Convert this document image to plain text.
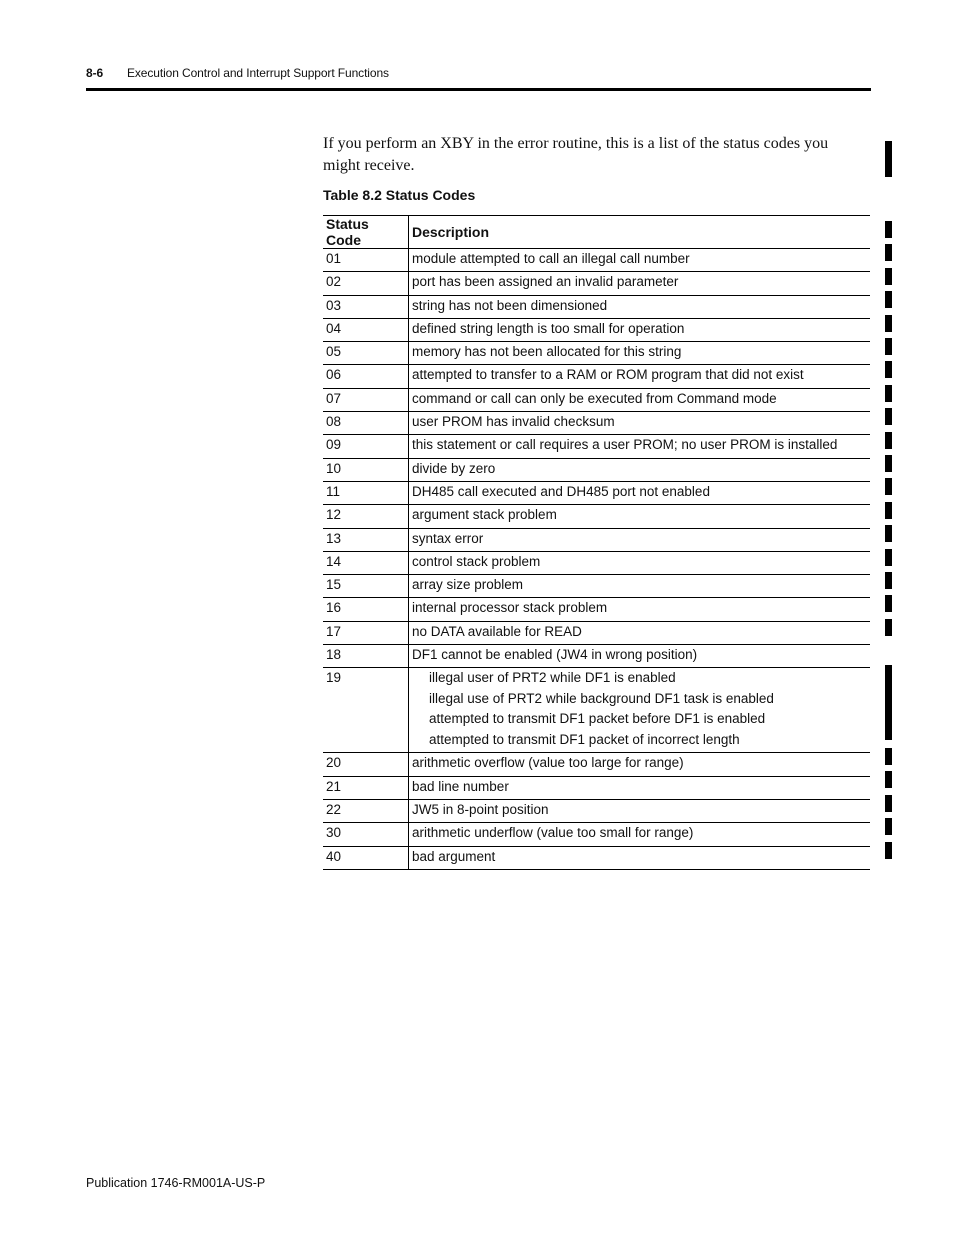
8-6 Execution Control and Interrupt Support Functions

If you perform an XBY in the error routine, this is a list of the status codes you might receive.

Table 8.2 Status Codes
Status Code	Description
01	module attempted to call an illegal call number
02	port has been assigned an invalid parameter
03	string has not been dimensioned
04	defined string length is too small for operation
05	memory has not been allocated for this string
06	attempted to transfer to a RAM or ROM program that did not exist
07	command or call can only be executed from Command mode
08	user PROM has invalid checksum
09	this statement or call requires a user PROM; no user PROM is installed
10	divide by zero
11	DH485 call executed and DH485 port not enabled
12	argument stack problem
13	syntax error
14	control stack problem
15	array size problem
16	internal processor stack problem
17	no DATA available for READ
18	DF1 cannot be enabled (JW4 in wrong position)
19	illegal user of PRT2 while DF1 is enabled
illegal use of PRT2 while background DF1 task is enabled
attempted to transmit DF1 packet before DF1 is enabled
attempted to transmit DF1 packet of incorrect length

20	arithmetic overflow (value too large for range)
21	bad line number
22	JW5 in 8-point position
30	arithmetic underflow (value too small for range)
40	bad argument
Publication 1746-RM001A-US-P
